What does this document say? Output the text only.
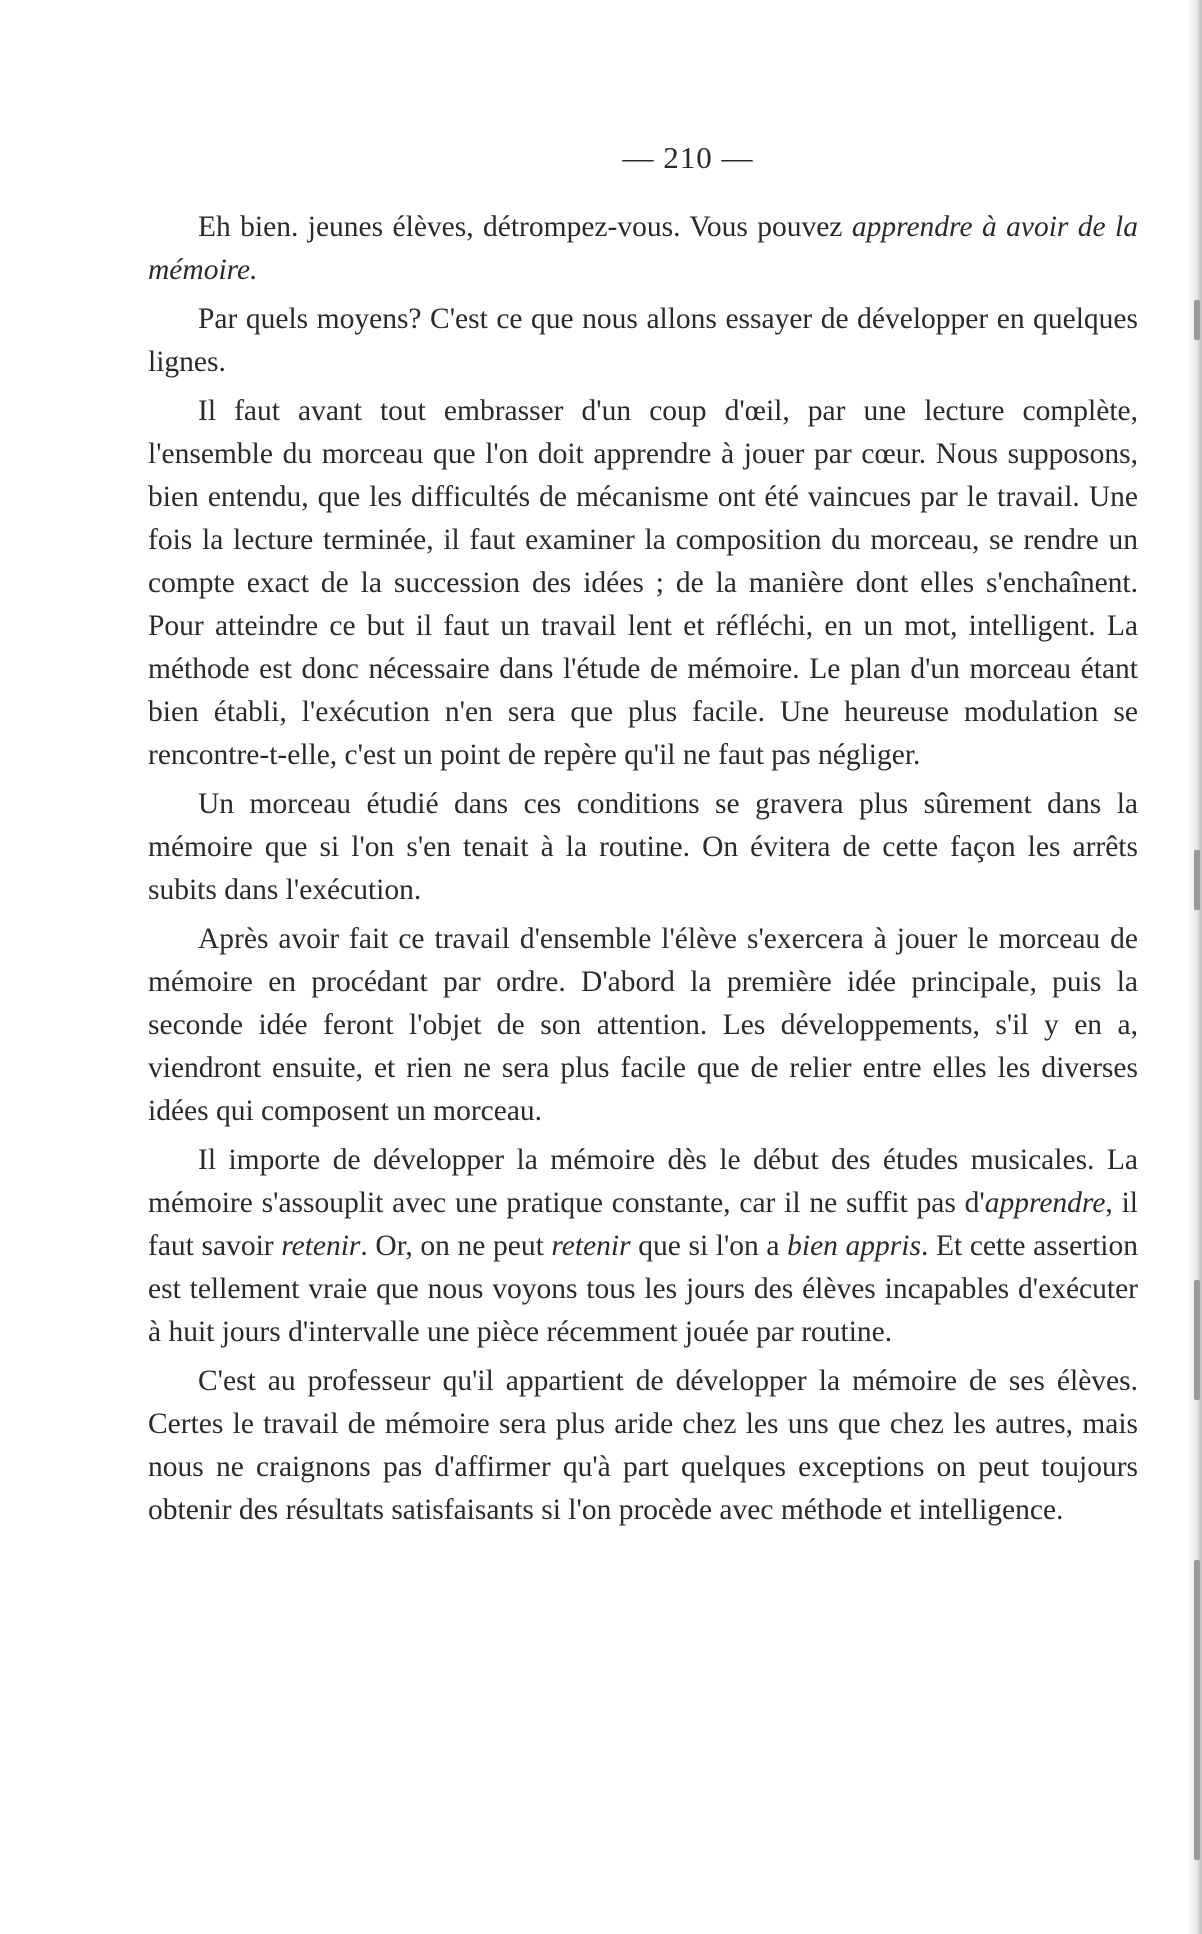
— 210 —

Eh bien. jeunes élèves, détrompez-vous. Vous pouvez apprendre à avoir de la mémoire.

Par quels moyens? C'est ce que nous allons essayer de développer en quelques lignes.

Il faut avant tout embrasser d'un coup d'œil, par une lecture complète, l'ensemble du morceau que l'on doit apprendre à jouer par cœur. Nous supposons, bien entendu, que les difficultés de mécanisme ont été vaincues par le travail. Une fois la lecture terminée, il faut examiner la composition du morceau, se rendre un compte exact de la succession des idées ; de la manière dont elles s'enchaînent. Pour atteindre ce but il faut un travail lent et réfléchi, en un mot, intelligent. La méthode est donc nécessaire dans l'étude de mémoire. Le plan d'un morceau étant bien établi, l'exécution n'en sera que plus facile. Une heureuse modulation se rencontre-t-elle, c'est un point de repère qu'il ne faut pas négliger.

Un morceau étudié dans ces conditions se gravera plus sûrement dans la mémoire que si l'on s'en tenait à la routine. On évitera de cette façon les arrêts subits dans l'exécution.

Après avoir fait ce travail d'ensemble l'élève s'exercera à jouer le morceau de mémoire en procédant par ordre. D'abord la première idée principale, puis la seconde idée feront l'objet de son attention. Les développements, s'il y en a, viendront ensuite, et rien ne sera plus facile que de relier entre elles les diverses idées qui composent un morceau.

Il importe de développer la mémoire dès le début des études musicales. La mémoire s'assouplit avec une pratique constante, car il ne suffit pas d'apprendre, il faut savoir retenir. Or, on ne peut retenir que si l'on a bien appris. Et cette assertion est tellement vraie que nous voyons tous les jours des élèves incapables d'exécuter à huit jours d'intervalle une pièce récemment jouée par routine.

C'est au professeur qu'il appartient de développer la mémoire de ses élèves. Certes le travail de mémoire sera plus aride chez les uns que chez les autres, mais nous ne craignons pas d'affirmer qu'à part quelques exceptions on peut toujours obtenir des résultats satisfaisants si l'on procède avec méthode et intelligence.
